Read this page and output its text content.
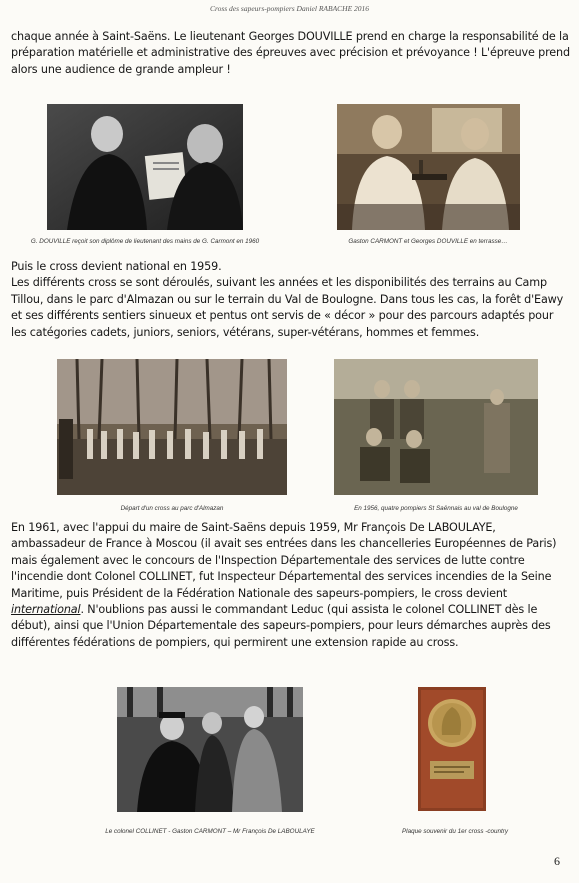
Cross des sapeurs-pompiers Daniel RABACHE 2016
chaque année à Saint-Saëns. Le lieutenant Georges DOUVILLE prend en charge la responsabilité de la préparation matérielle et administrative des épreuves avec précision et prévoyance ! L'épreuve prend alors une audience de grande ampleur !
G. DOUVILLE reçoit son diplôme de lieutenant des mains de G. Carmont en 1960	Gaston CARMONT et Georges DOUVILLE en terrasse…
Puis le cross devient national en 1959.
Les différents cross se sont déroulés, suivant les années et les disponibilités des terrains au Camp Tillou, dans le parc d'Almazan ou sur le terrain du Val de Boulogne. Dans tous les cas, la forêt d'Eawy et ses différents sentiers sinueux et pentus ont servis de « décor » pour des parcours adaptés pour les catégories cadets, juniors, seniors, vétérans, super-vétérans, hommes et femmes.
Départ d'un cross au parc d'Almazan	En 1956, quatre pompiers St Saënnais au val de Boulogne
En 1961, avec l'appui du maire de Saint-Saëns depuis 1959, Mr François De LABOULAYE, ambassadeur de France à Moscou (il avait ses entrées dans les chancelleries Européennes de Paris) mais également avec le concours de l'Inspection Départementale des services de lutte contre l'incendie dont Colonel COLLINET, fut Inspecteur Départemental des services incendies de la Seine Maritime, puis Président de la Fédération Nationale des sapeurs-pompiers, le cross devient international. N'oublions pas aussi le commandant Leduc (qui assista le colonel COLLINET dès le début), ainsi que l'Union Départementale des sapeurs-pompiers, pour leurs démarches auprès des différentes fédérations de pompiers, qui permirent une extension rapide au cross.
Le colonel COLLINET - Gaston CARMONT – Mr François De LABOULAYE	Plaque souvenir du 1er cross -country
6
